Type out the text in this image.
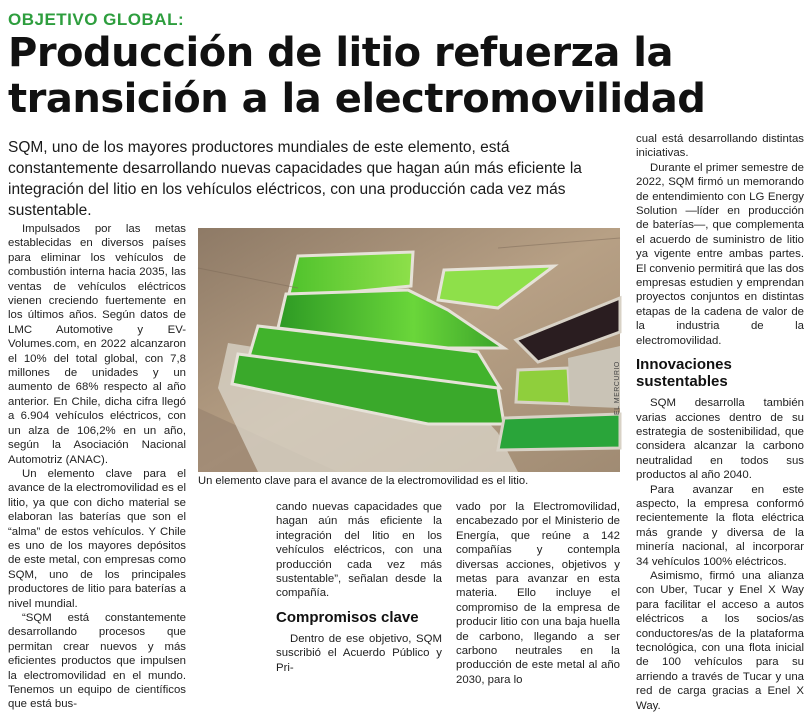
OBJETIVO GLOBAL:
Producción de litio refuerza la transición a la electromovilidad
SQM, uno de los mayores productores mundiales de este elemento, está constantemente desarrollando nuevas capacidades que hagan aún más eficiente la integración del litio en los vehículos eléctricos, con una producción cada vez más sustentable.

Impulsados por las metas establecidas en diversos países para eliminar los vehículos de combustión interna hacia 2035, las ventas de vehículos eléctricos vienen creciendo fuertemente en los últimos años. Según datos de LMC Automotive y EV-Volumes.com, en 2022 alcanzaron el 10% del total global, con 7,8 millones de unidades y un aumento de 68% respecto al año anterior. En Chile, dicha cifra llegó a 6.904 vehículos eléctricos, con un alza de 106,2% en un año, según la Asociación Nacional Automotriz (ANAC).

Un elemento clave para el avance de la electromovilidad es el litio, ya que con dicho material se elaboran las baterías que son el “alma” de estos vehículos. Y Chile es uno de los mayores depósitos de este metal, con empresas como SQM, uno de los principales productores de litio para baterías a nivel mundial.

“SQM está constantemente desarrollando procesos que permitan crear nuevos y más eficientes productos que impulsen la electromovilidad en el mundo. Tenemos un equipo de científicos que está bus-

EL MERCURIO
Un elemento clave para el avance de la electromovilidad es el litio.

cando nuevas capacidades que hagan aún más eficiente la integración del litio en los vehículos eléctricos, con una producción cada vez más sustentable”, señalan desde la compañía.

Compromisos clave

Dentro de ese objetivo, SQM suscribió el Acuerdo Público y Pri-

vado por la Electromovilidad, encabezado por el Ministerio de Energía, que reúne a 142 compañías y contempla diversas acciones, objetivos y metas para avanzar en esta materia. Ello incluye el compromiso de la empresa de producir litio con una baja huella de carbono, llegando a ser carbono neutrales en la producción de este metal al año 2030, para lo

cual está desarrollando distintas iniciativas.

Durante el primer semestre de 2022, SQM firmó un memorando de entendimiento con LG Energy Solution —líder en producción de baterías—, que complementa el acuerdo de suministro de litio ya vigente entre ambas partes. El convenio permitirá que las dos empresas estudien y emprendan proyectos conjuntos en distintas etapas de la cadena de valor de la industria de la electromovilidad.

Innovaciones sustentables

SQM desarrolla también varias acciones dentro de su estrategia de sostenibilidad, que considera alcanzar la carbono neutralidad en todos sus productos al año 2040.

Para avanzar en este aspecto, la empresa conformó recientemente la flota eléctrica más grande y diversa de la minería nacional, al incorporar 34 vehículos 100% eléctricos.

Asimismo, firmó una alianza con Uber, Tucar y Enel X Way para facilitar el acceso a autos eléctricos a los socios/as conductores/as de la plataforma tecnológica, con una flota inicial de 100 vehículos para su arriendo a través de Tucar y una red de carga gracias a Enel X Way.
